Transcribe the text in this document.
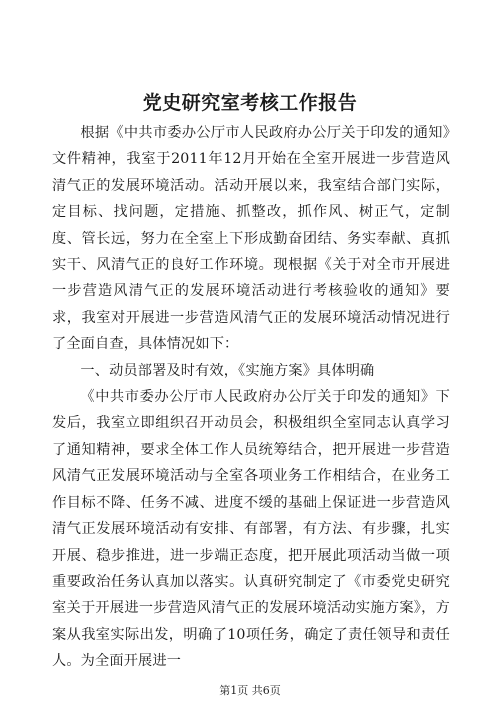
党史研究室考核工作报告

根据《中共市委办公厅市人民政府办公厅关于印发的通知》文件精神，我室于2011年12月开始在全室开展进一步营造风清气正的发展环境活动。活动开展以来，我室结合部门实际，定目标、找问题，定措施、抓整改，抓作风、树正气，定制度、管长远，努力在全室上下形成勤奋团结、务实奉献、真抓实干、风清气正的良好工作环境。现根据《关于对全市开展进一步营造风清气正的发展环境活动进行考核验收的通知》要求，我室对开展进一步营造风清气正的发展环境活动情况进行了全面自查，具体情况如下：

一、动员部署及时有效，《实施方案》具体明确

《中共市委办公厅市人民政府办公厅关于印发的通知》下发后，我室立即组织召开动员会，积极组织全室同志认真学习了通知精神，要求全体工作人员统筹结合，把开展进一步营造风清气正发展环境活动与全室各项业务工作相结合，在业务工作目标不降、任务不减、进度不缓的基础上保证进一步营造风清气正发展环境活动有安排、有部署，有方法、有步骤，扎实开展、稳步推进，进一步端正态度，把开展此项活动当做一项重要政治任务认真加以落实。认真研究制定了《市委党史研究室关于开展进一步营造风清气正的发展环境活动实施方案》，方案从我室实际出发，明确了10项任务，确定了责任领导和责任人。为全面开展进一

第1页 共6页
